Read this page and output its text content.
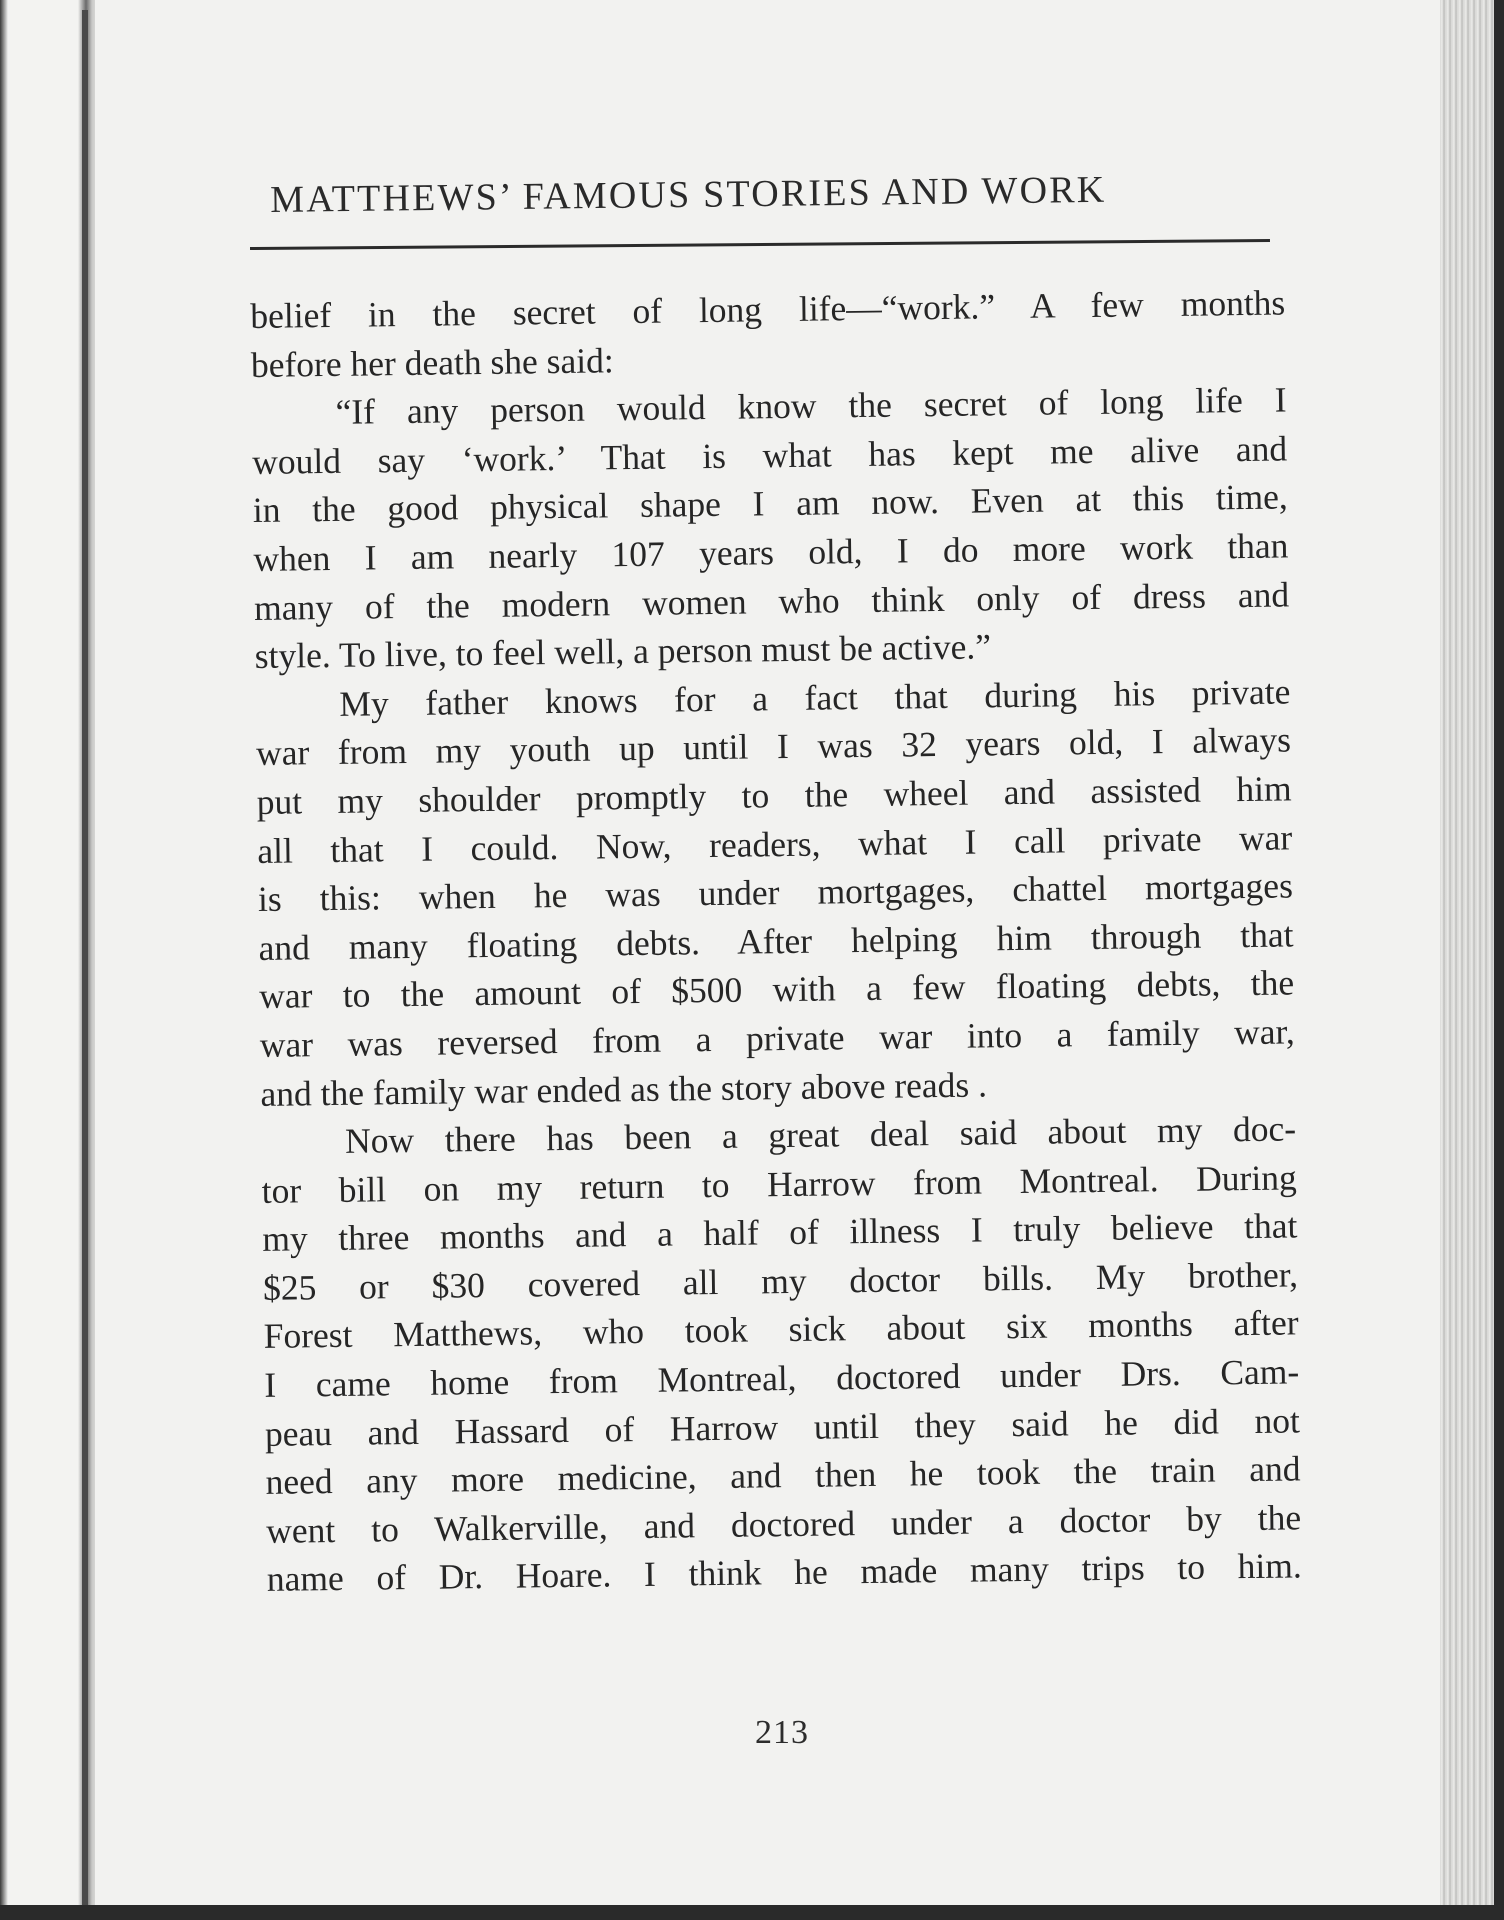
MATTHEWS’ FAMOUS STORIES AND WORK
belief in the secret of long life—“work.” A few months
before her death she said:
“If any person would know the secret of long life I
would say ‘work.’ That is what has kept me alive and
in the good physical shape I am now. Even at this time,
when I am nearly 107 years old, I do more work than
many of the modern women who think only of dress and
style. To live, to feel well, a person must be active.”
My father knows for a fact that during his private
war from my youth up until I was 32 years old, I always
put my shoulder promptly to the wheel and assisted him
all that I could. Now, readers, what I call private war
is this: when he was under mortgages, chattel mortgages
and many floating debts. After helping him through that
war to the amount of $500 with a few floating debts, the
war was reversed from a private war into a family war,
and the family war ended as the story above reads .
Now there has been a great deal said about my doc-
tor bill on my return to Harrow from Montreal. During
my three months and a half of illness I truly believe that
$25 or $30 covered all my doctor bills. My brother,
Forest Matthews, who took sick about six months after
I came home from Montreal, doctored under Drs. Cam-
peau and Hassard of Harrow until they said he did not
need any more medicine, and then he took the train and
went to Walkerville, and doctored under a doctor by the
name of Dr. Hoare. I think he made many trips to him.

213
